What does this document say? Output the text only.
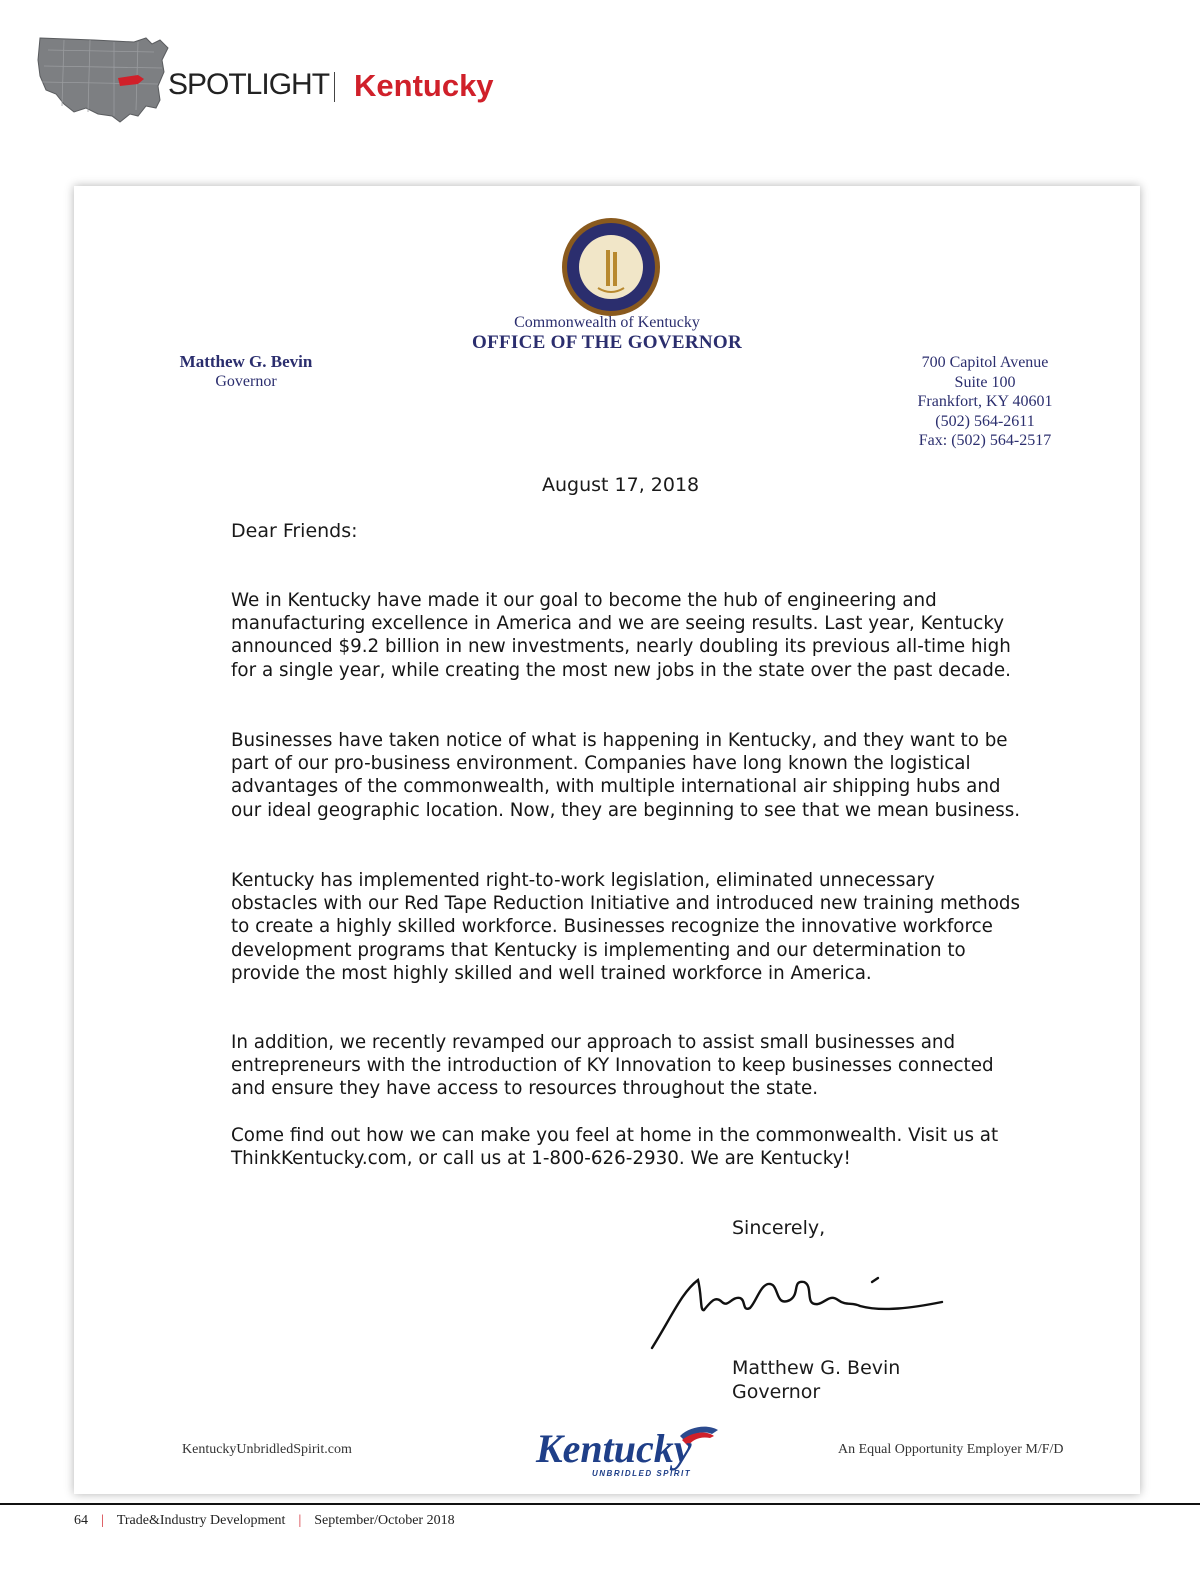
SPOTLIGHT Kentucky
Commonwealth of Kentucky
OFFICE OF THE GOVERNOR
Matthew G. Bevin
Governor
700 Capitol Avenue
Suite 100
Frankfort, KY 40601
(502) 564-2611
Fax: (502) 564-2517
August 17, 2018
Dear Friends:

We in Kentucky have made it our goal to become the hub of engineering and manufacturing excellence in America and we are seeing results. Last year, Kentucky announced $9.2 billion in new investments, nearly doubling its previous all-time high for a single year, while creating the most new jobs in the state over the past decade.

Businesses have taken notice of what is happening in Kentucky, and they want to be part of our pro-business environment. Companies have long known the logistical advantages of the commonwealth, with multiple international air shipping hubs and our ideal geographic location. Now, they are beginning to see that we mean business.

Kentucky has implemented right-to-work legislation, eliminated unnecessary obstacles with our Red Tape Reduction Initiative and introduced new training methods to create a highly skilled workforce. Businesses recognize the innovative workforce development programs that Kentucky is implementing and our determination to provide the most highly skilled and well trained workforce in America.

In addition, we recently revamped our approach to assist small businesses and entrepreneurs with the introduction of KY Innovation to keep businesses connected and ensure they have access to resources throughout the state.

Come find out how we can make you feel at home in the commonwealth. Visit us at ThinkKentucky.com, or call us at 1-800-626-2930. We are Kentucky!

Sincerely,
Matthew G. Bevin
Governor
KentuckyUnbridledSpirit.com	Kentucky
UNBRIDLED SPIRIT
An Equal Opportunity Employer M/F/D
64 | Trade&Industry Development | September/October 2018
